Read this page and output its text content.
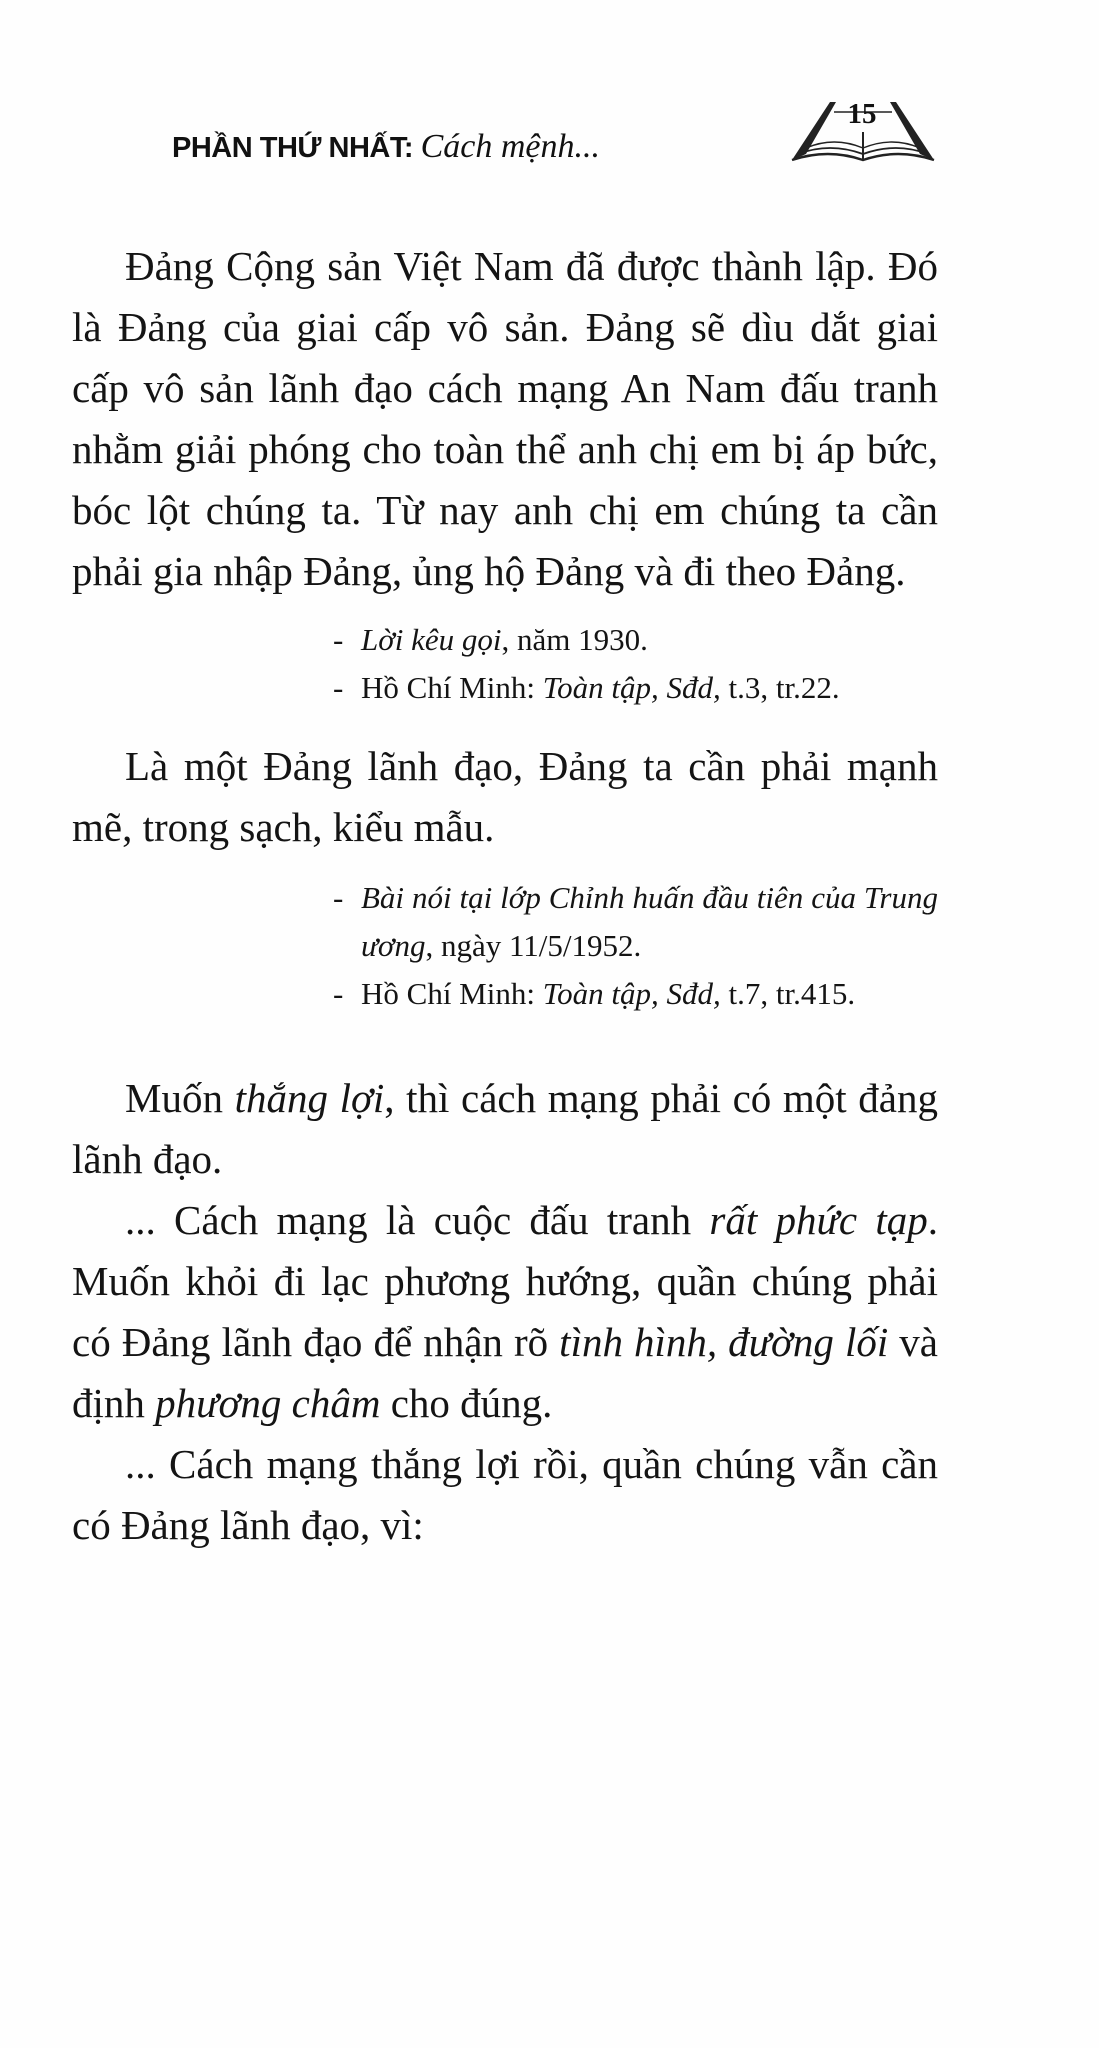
PHẦN THỨ NHẤT: Cách mệnh...
15

Đảng Cộng sản Việt Nam đã được thành lập. Đó là Đảng của giai cấp vô sản. Đảng sẽ dìu dắt giai cấp vô sản lãnh đạo cách mạng An Nam đấu tranh nhằm giải phóng cho toàn thể anh chị em bị áp bức, bóc lột chúng ta. Từ nay anh chị em chúng ta cần phải gia nhập Đảng, ủng hộ Đảng và đi theo Đảng.

- Lời kêu gọi, năm 1930.
- Hồ Chí Minh: Toàn tập, Sđd, t.3, tr.22.

Là một Đảng lãnh đạo, Đảng ta cần phải mạnh mẽ, trong sạch, kiểu mẫu.

- Bài nói tại lớp Chỉnh huấn đầu tiên của Trung ương, ngày 11/5/1952.
- Hồ Chí Minh: Toàn tập, Sđd, t.7, tr.415.

Muốn thắng lợi, thì cách mạng phải có một đảng lãnh đạo.

... Cách mạng là cuộc đấu tranh rất phức tạp. Muốn khỏi đi lạc phương hướng, quần chúng phải có Đảng lãnh đạo để nhận rõ tình hình, đường lối và định phương châm cho đúng.

... Cách mạng thắng lợi rồi, quần chúng vẫn cần có Đảng lãnh đạo, vì:
